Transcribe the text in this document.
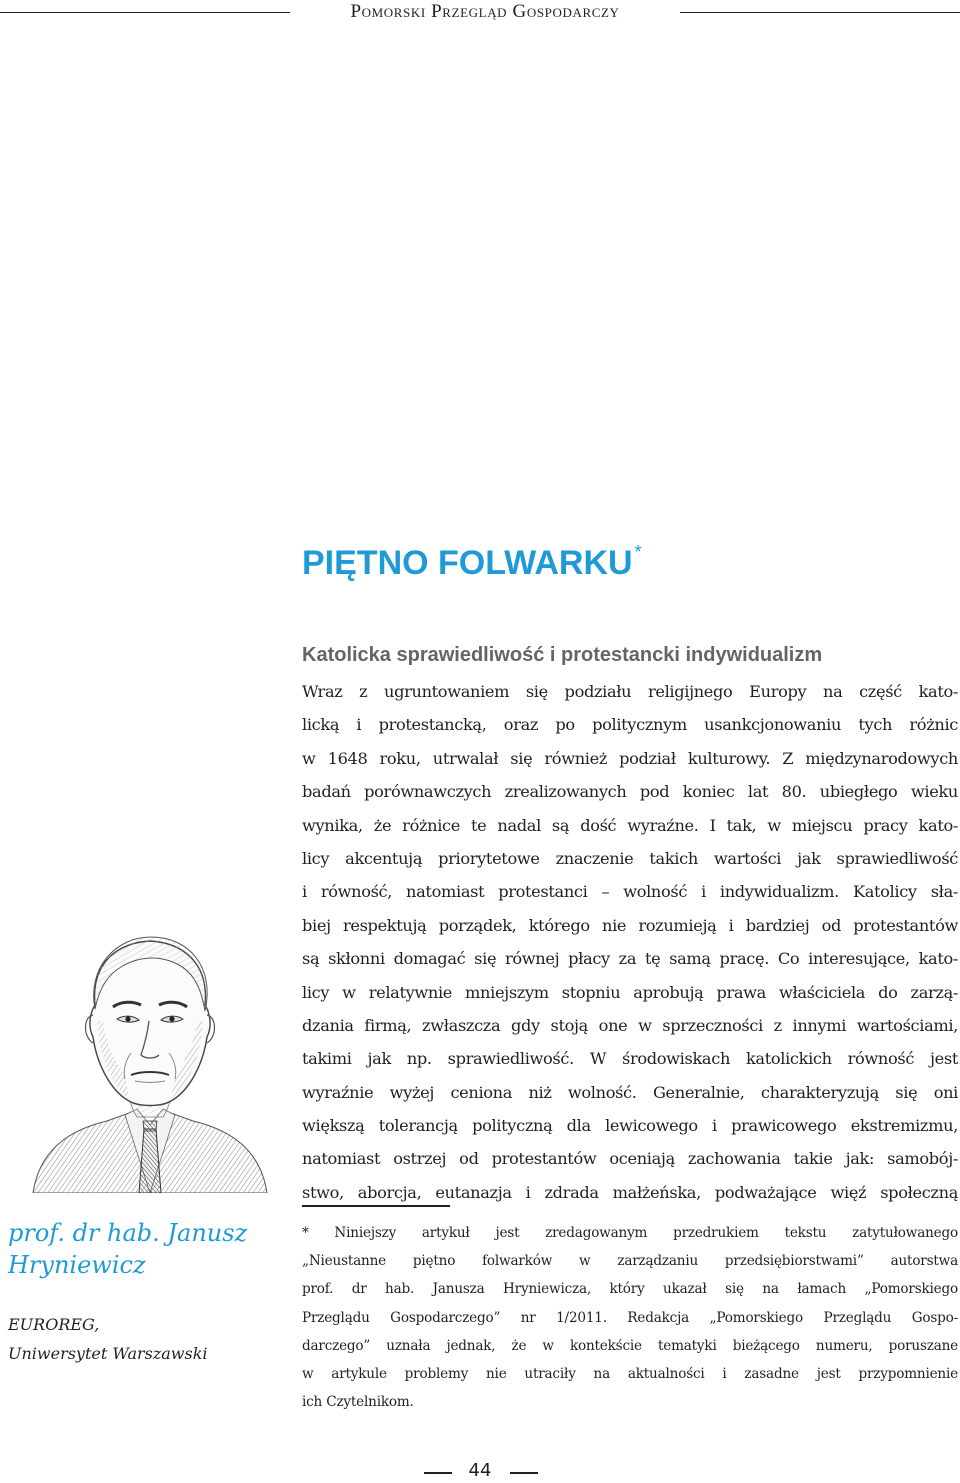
Pomorski Przegląd Gospodarczy
PIĘTNO FOLWARKU *
Katolicka sprawiedliwość i protestancki indywidualizm
Wraz z ugruntowaniem się podziału religijnego Europy na część kato-
licką i protestancką, oraz po politycznym usankcjonowaniu tych różnic
w 1648 roku, utrwalał się również podział kulturowy. Z międzynarodowych
badań porównawczych zrealizowanych pod koniec lat 80. ubiegłego wieku
wynika, że różnice te nadal są dość wyraźne. I tak, w miejscu pracy kato-
licy akcentują priorytetowe znaczenie takich wartości jak sprawiedliwość
i równość, natomiast protestanci – wolność i indywidualizm. Katolicy sła-
biej respektują porządek, którego nie rozumieją i bardziej od protestantów
są skłonni domagać się równej płacy za tę samą pracę. Co interesujące, kato-
licy w relatywnie mniejszym stopniu aprobują prawa właściciela do zarzą-
dzania firmą, zwłaszcza gdy stoją one w sprzeczności z innymi wartościami,
takimi jak np. sprawiedliwość. W środowiskach katolickich równość jest
wyraźnie wyżej ceniona niż wolność. Generalnie, charakteryzują się oni
większą tolerancją polityczną dla lewicowego i prawicowego ekstremizmu,
natomiast ostrzej od protestantów oceniają zachowania takie jak: samobój-
stwo, aborcja, eutanazja i zdrada małżeńska, podważające więź społeczną
prof. dr hab. Janusz
Hryniewicz
EUROREG,
Uniwersytet Warszawski
* Niniejszy artykuł jest zredagowanym przedrukiem tekstu zatytułowanego
„Nieustanne piętno folwarków w zarządzaniu przedsiębiorstwami” autorstwa
prof. dr hab. Janusza Hryniewicza, który ukazał się na łamach „Pomorskiego
Przeglądu Gospodarczego” nr 1/2011. Redakcja „Pomorskiego Przeglądu Gospo-
darczego” uznała jednak, że w kontekście tematyki bieżącego numeru, poruszane
w artykule problemy nie utraciły na aktualności i zasadne jest przypomnienie
ich Czytelnikom.
44
